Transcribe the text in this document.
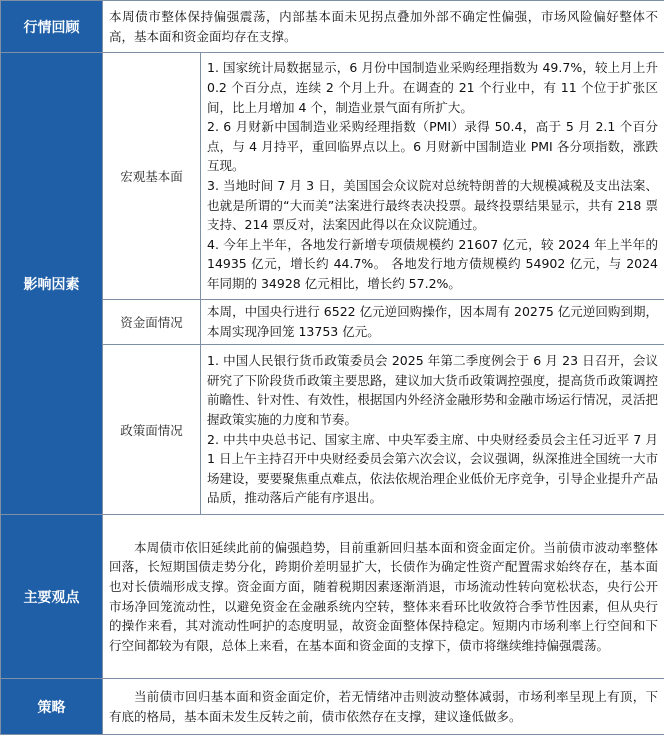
行情回顾	本周债市整体保持偏强震荡，内部基本面未见拐点叠加外部不确定性偏强，市场风险偏好整体不高，基本面和资金面均存在支撑。	

影响因素	宏观基本面	1. 国家统计局数据显示，6 月份中国制造业采购经理指数为 49.7%，较上月上升 0.2 个百分点，连续 2 个月上升。在调查的 21 个行业中，有 11 个位于扩张区间，比上月增加 4 个，制造业景气面有所扩大。
2. 6 月财新中国制造业采购经理指数（PMI）录得 50.4，高于 5 月 2.1 个百分点，与 4 月持平，重回临界点以上。6 月财新中国制造业 PMI 各分项指数，涨跌互现。
3. 当地时间 7 月 3 日，美国国会众议院对总统特朗普的大规模减税及支出法案、也就是所谓的“大而美”法案进行最终表决投票。最终投票结果显示，共有 218 票支持、214 票反对，法案因此得以在众议院通过。
4. 今年上半年，各地发行新增专项债规模约 21607 亿元，较 2024 年上半年的 14935 亿元，增长约 44.7%。 各地发行地方债规模约 54902 亿元，与 2024 年同期的 34928 亿元相比，增长约 57.2%。

	资金面情况	本周，中国央行进行 6522 亿元逆回购操作，因本周有 20275 亿元逆回购到期，本周实现净回笼 13753 亿元。

	政策面情况	1. 中国人民银行货币政策委员会 2025 年第二季度例会于 6 月 23 日召开，会议研究了下阶段货币政策主要思路，建议加大货币政策调控强度，提高货币政策调控前瞻性、针对性、有效性，根据国内外经济金融形势和金融市场运行情况，灵活把握政策实施的力度和节奏。
2. 中共中央总书记、国家主席、中央军委主席、中央财经委员会主任习近平 7 月 1 日上午主持召开中央财经委员会第六次会议，会议强调，纵深推进全国统一大市场建设，要要聚焦重点难点，依法依规治理企业低价无序竞争，引导企业提升产品品质，推动落后产能有序退出。

主要观点	本周债市依旧延续此前的偏强趋势，目前重新回归基本面和资金面定价。当前债市波动率整体回落，长短期国债走势分化，跨期价差明显扩大，长债作为确定性资产配置需求始终存在，基本面也对长债端形成支撑。资金面方面，随着税期因素逐渐消退，市场流动性转向宽松状态，央行公开市场净回笼流动性，以避免资金在金融系统内空转，整体来看环比收敛符合季节性因素，但从央行的操作来看，其对流动性呵护的态度明显，故资金面整体保持稳定。短期内市场利率上行空间和下行空间都较为有限，总体上来看，在基本面和资金面的支撑下，债市将继续维持偏强震荡。	

策略	当前债市回归基本面和资金面定价，若无情绪冲击则波动整体减弱，市场利率呈现上有顶，下有底的格局，基本面未发生反转之前，债市依然存在支撑，建议逢低做多。	
